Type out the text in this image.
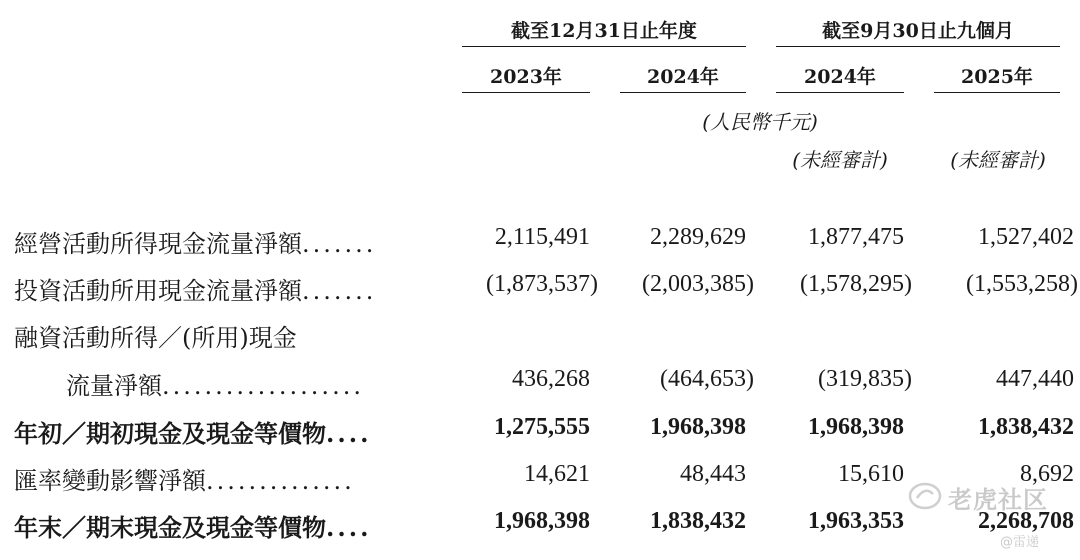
截至12月31日止年度	截至9月30日止九個月
2023年	2024年	2024年	2025年
(人民幣千元)
(未經審計)	(未經審計)
經營活動所得現金流量淨額.......	2,115,491	2,289,629	1,877,475	1,527,402
投資活動所用現金流量淨額.......	(1,873,537) (2,003,385) (1,578,295) (1,553,258)
融資活動所得／(所用)現金
流量淨額...................	436,268	(464,653)	(319,835)	447,440
年初／期初現金及現金等價物....	1,275,555	1,968,398	1,968,398	1,838,432
匯率變動影響淨額..............	14,621	48,443	15,610	8,692
年末／期末現金及現金等價物....	1,968,398	1,838,432	1,963,353	2,268,708
老虎社区
@雷递
